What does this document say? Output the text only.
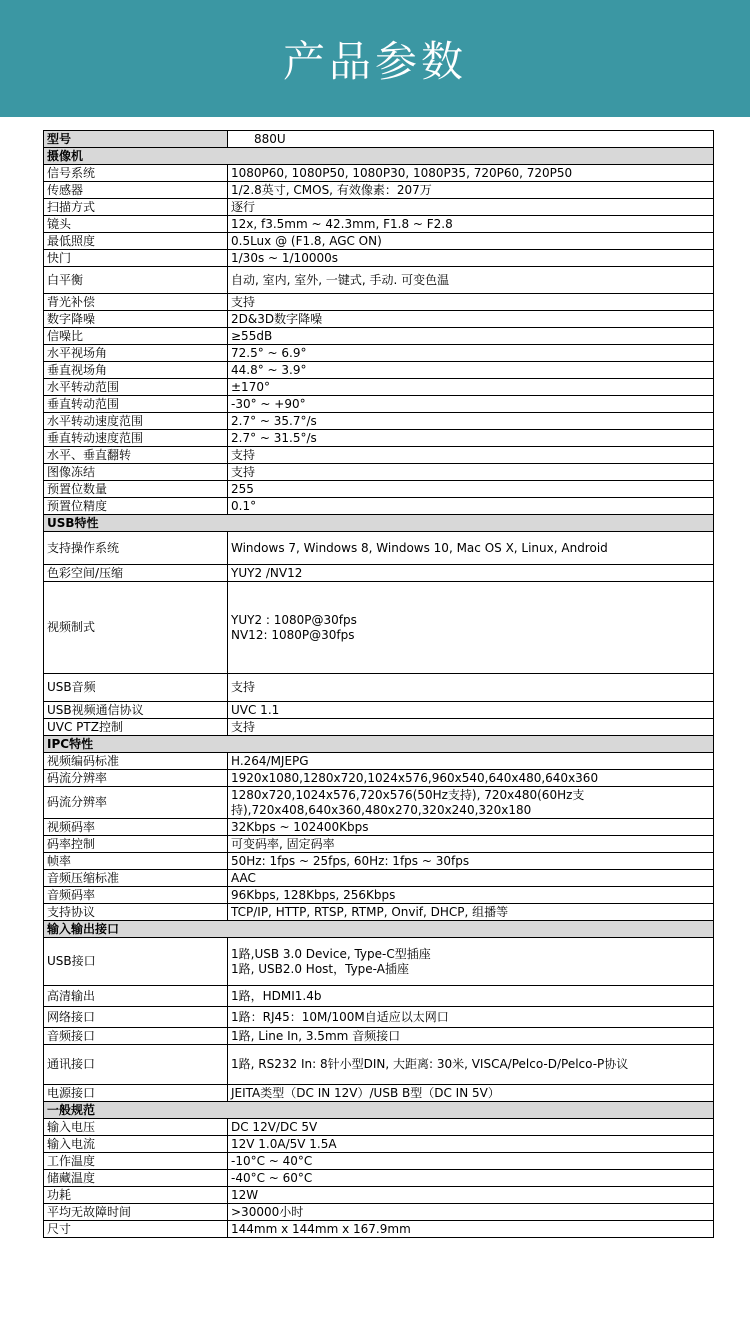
产品参数
型号	880U
摄像机	
信号系统	1080P60, 1080P50, 1080P30, 1080P35, 720P60, 720P50
传感器	1/2.8英寸, CMOS, 有效像素：207万
扫描方式	逐行
镜头	12x, f3.5mm ~ 42.3mm, F1.8 ~ F2.8
最低照度	0.5Lux @ (F1.8, AGC ON)
快门	1/30s ~ 1/10000s
白平衡	自动, 室内, 室外, 一键式, 手动. 可变色温
背光补偿	支持
数字降噪	2D&3D数字降噪
信噪比	≥55dB
水平视场角	72.5° ~ 6.9°
垂直视场角	44.8° ~ 3.9°
水平转动范围	±170°
垂直转动范围	-30° ~ +90°
水平转动速度范围	2.7° ~ 35.7°/s
垂直转动速度范围	2.7° ~ 31.5°/s
水平、垂直翻转	支持
图像冻结	支持
预置位数量	255
预置位精度	0.1°
USB特性	
支持操作系统	Windows 7, Windows 8, Windows 10, Mac OS X, Linux, Android
色彩空间/压缩	YUY2 /NV12
视频制式	YUY2 : 1080P@30fps
NV12: 1080P@30fps

USB音频	支持
USB视频通信协议	UVC 1.1
UVC PTZ控制	支持
IPC特性	
视频编码标准	H.264/MJEPG
码流分辨率	1920x1080,1280x720,1024x576,960x540,640x480,640x360
码流分辨率	1280x720,1024x576,720x576(50Hz支持), 720x480(60Hz支持),720x408,640x360,480x270,320x240,320x180
视频码率	32Kbps ~ 102400Kbps
码率控制	可变码率, 固定码率
帧率	50Hz: 1fps ~ 25fps, 60Hz: 1fps ~ 30fps
音频压缩标准	AAC
音频码率	96Kbps, 128Kbps, 256Kbps
支持协议	TCP/IP, HTTP, RTSP, RTMP, Onvif, DHCP, 组播等
输入输出接口	
USB接口	1路,USB 3.0 Device, Type-C型插座
1路, USB2.0 Host，Type-A插座

高清输出	1路，HDMI1.4b
网络接口	1路：RJ45：10M/100M自适应以太网口
音频接口	1路, Line In, 3.5mm 音频接口
通讯接口	1路, RS232 In: 8针小型DIN, 大距离: 30米, VISCA/Pelco-D/Pelco-P协议
电源接口	JEITA类型（DC IN 12V）/USB B型（DC IN 5V）
一般规范	
输入电压	DC 12V/DC 5V
输入电流	12V 1.0A/5V 1.5A
工作温度	-10°C ~ 40°C
储藏温度	-40°C ~ 60°C
功耗	12W
平均无故障时间	>30000小时
尺寸	144mm x 144mm x 167.9mm
